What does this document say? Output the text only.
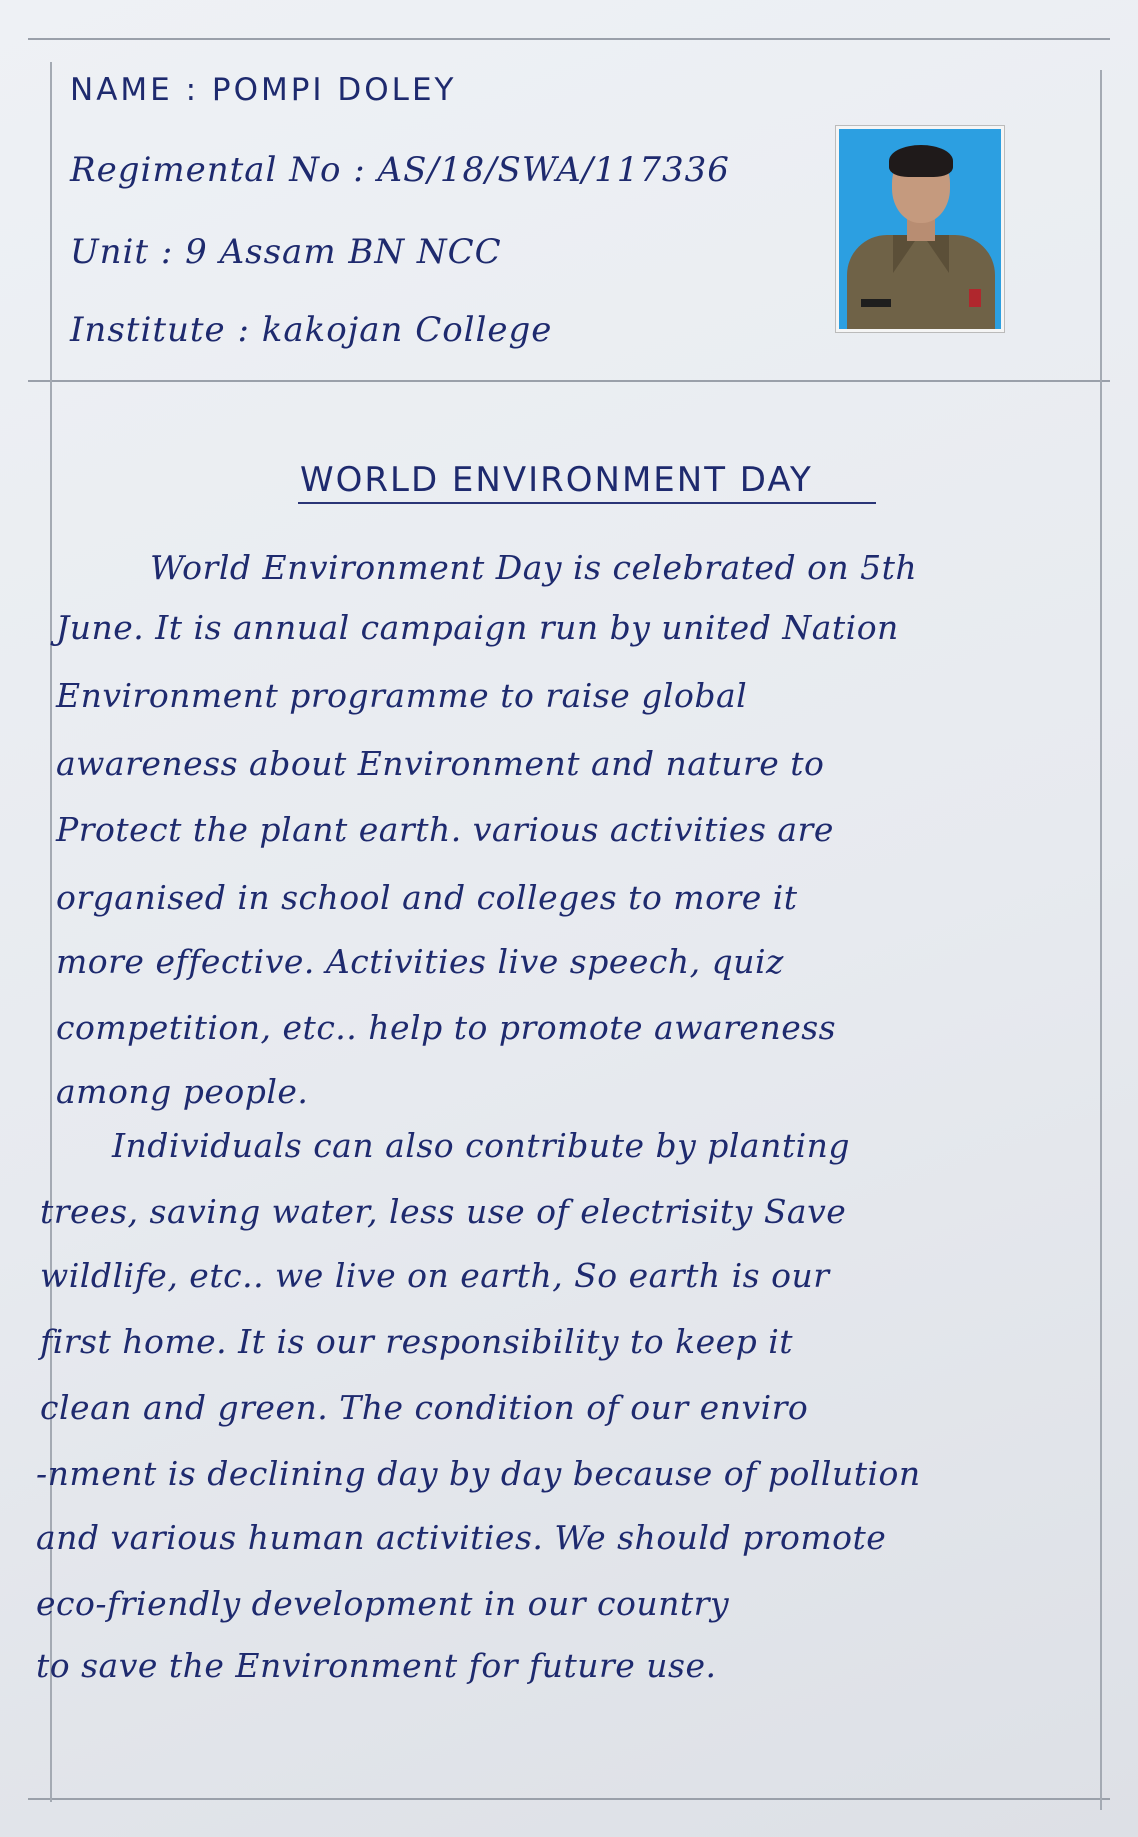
NAME : POMPI DOLEY
Regimental No : AS/18/SWA/117336
Unit : 9 Assam BN NCC
Institute : kakojan College
WORLD ENVIRONMENT DAY
World Environment Day is celebrated on 5th
June. It is annual campaign run by united Nation
Environment programme to raise global
awareness about Environment and nature to
Protect the plant earth. various activities are
organised in school and colleges to more it
more effective. Activities live speech, quiz
competition, etc.. help to promote awareness
among people.
Individuals can also contribute by planting
trees, saving water, less use of electrisity Save
wildlife, etc.. we live on earth, So earth is our
first home. It is our responsibility to keep it
clean and green. The condition of our enviro
-nment is declining day by day because of pollution
and various human activities. We should promote
eco-friendly development in our country
to save the Environment for future use.
